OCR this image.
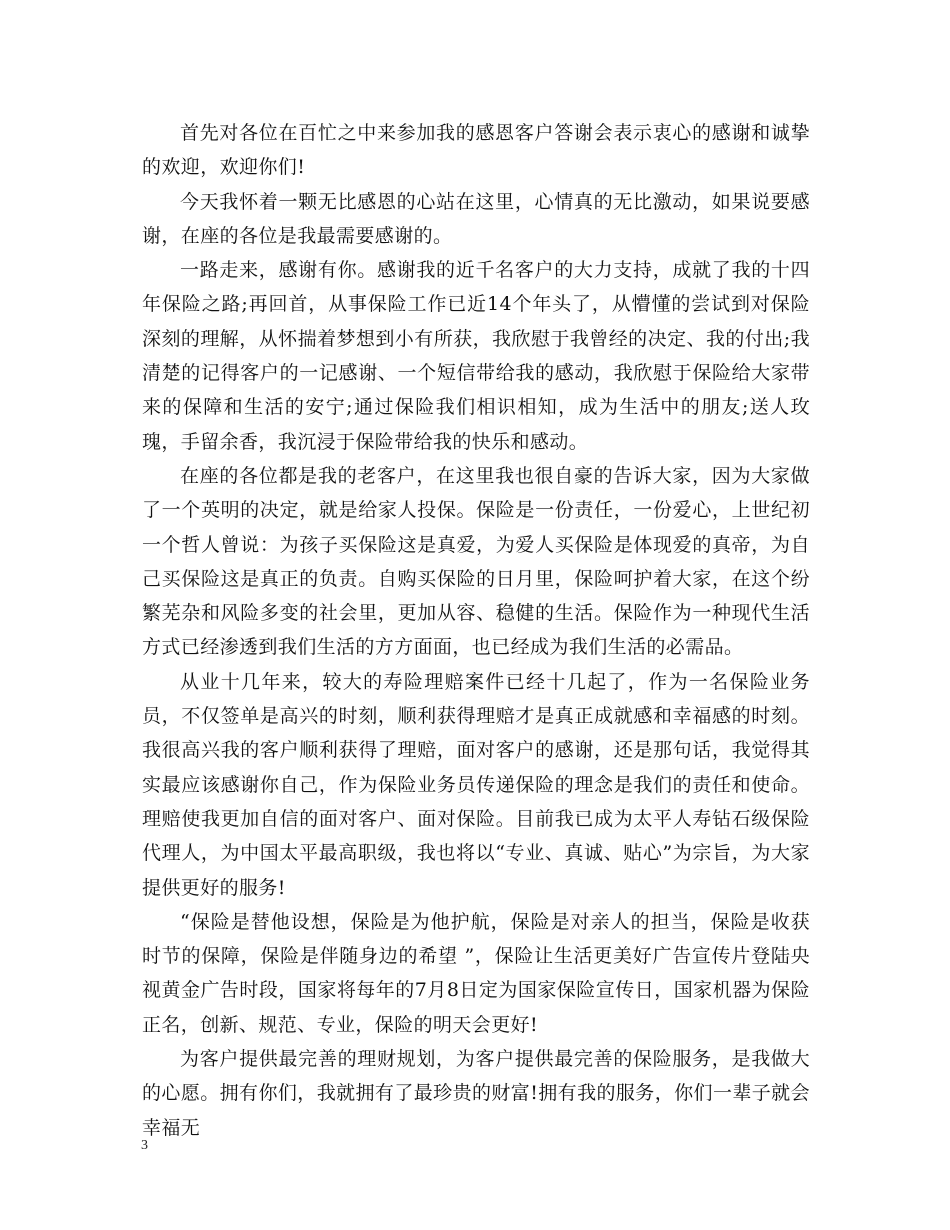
首先对各位在百忙之中来参加我的感恩客户答谢会表示衷心的感谢和诚挚的欢迎，欢迎你们!

今天我怀着一颗无比感恩的心站在这里，心情真的无比激动，如果说要感谢，在座的各位是我最需要感谢的。

一路走来，感谢有你。感谢我的近千名客户的大力支持，成就了我的十四年保险之路;再回首，从事保险工作已近14个年头了，从懵懂的尝试到对保险深刻的理解，从怀揣着梦想到小有所获，我欣慰于我曾经的决定、我的付出;我清楚的记得客户的一记感谢、一个短信带给我的感动，我欣慰于保险给大家带来的保障和生活的安宁;通过保险我们相识相知，成为生活中的朋友;送人玫瑰，手留余香，我沉浸于保险带给我的快乐和感动。

在座的各位都是我的老客户，在这里我也很自豪的告诉大家，因为大家做了一个英明的决定，就是给家人投保。保险是一份责任，一份爱心，上世纪初一个哲人曾说：为孩子买保险这是真爱，为爱人买保险是体现爱的真帝，为自己买保险这是真正的负责。自购买保险的日月里，保险呵护着大家，在这个纷繁芜杂和风险多变的社会里，更加从容、稳健的生活。保险作为一种现代生活方式已经渗透到我们生活的方方面面，也已经成为我们生活的必需品。

从业十几年来，较大的寿险理赔案件已经十几起了，作为一名保险业务员，不仅签单是高兴的时刻，顺利获得理赔才是真正成就感和幸福感的时刻。我很高兴我的客户顺利获得了理赔，面对客户的感谢，还是那句话，我觉得其实最应该感谢你自己，作为保险业务员传递保险的理念是我们的责任和使命。理赔使我更加自信的面对客户、面对保险。目前我已成为太平人寿钻石级保险代理人，为中国太平最高职级，我也将以“专业、真诚、贴心”为宗旨，为大家提供更好的服务!

“保险是替他设想，保险是为他护航，保险是对亲人的担当，保险是收获时节的保障，保险是伴随身边的希望 ”，保险让生活更美好广告宣传片登陆央视黄金广告时段，国家将每年的7月8日定为国家保险宣传日，国家机器为保险正名，创新、规范、专业，保险的明天会更好!

为客户提供最完善的理财规划，为客户提供最完善的保险服务，是我做大的心愿。拥有你们，我就拥有了最珍贵的财富!拥有我的服务，你们一辈子就会幸福无

3
